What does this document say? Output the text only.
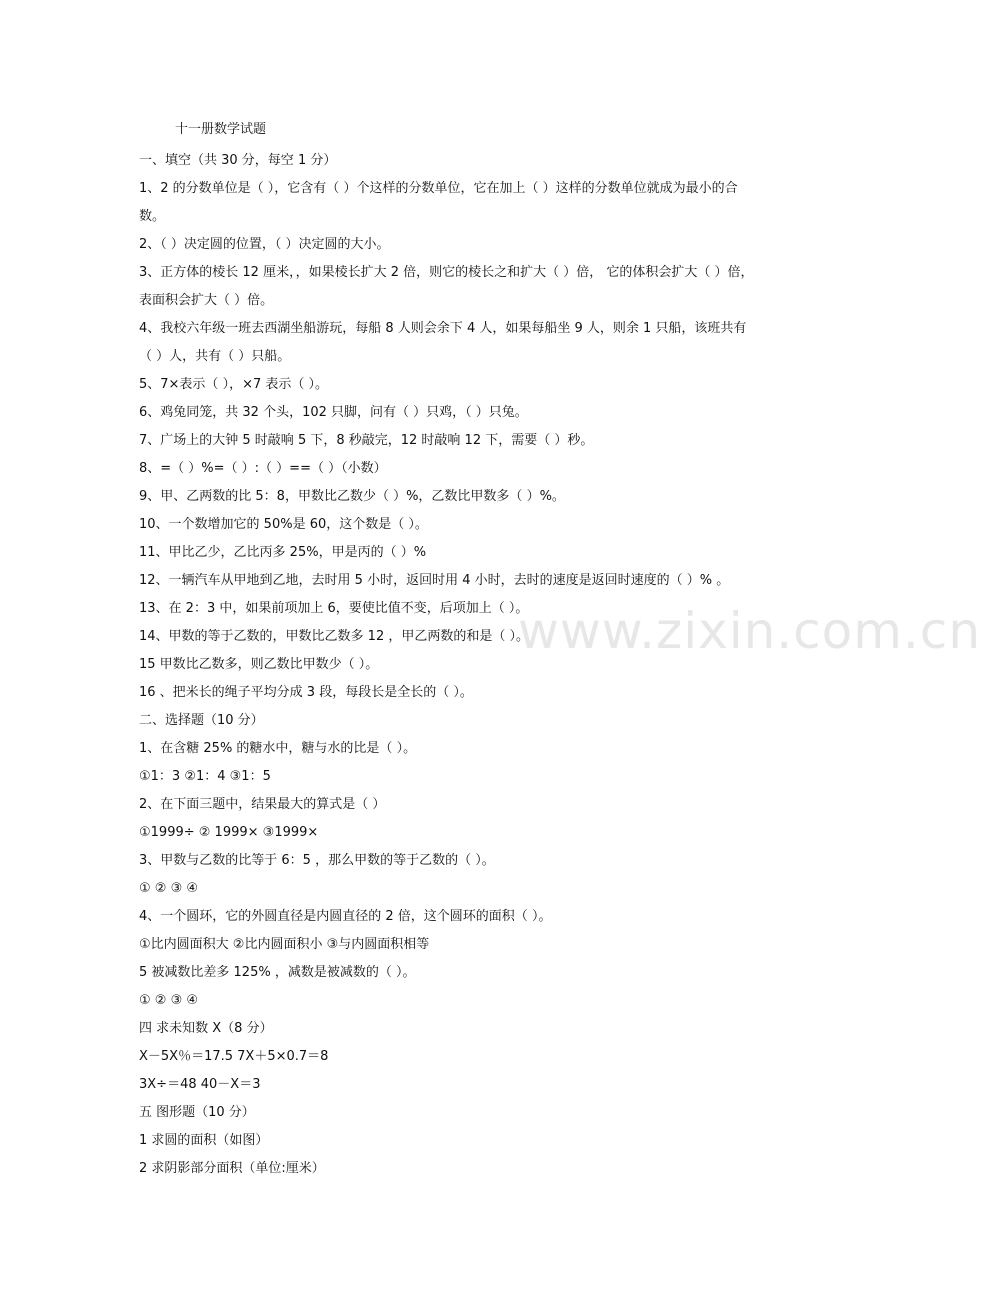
十一册数学试题
一、填空（共 30 分，每空 1 分）
1、2 的分数单位是（ ），它含有（ ）个这样的分数单位，它在加上（ ）这样的分数单位就成为最小的合
数。
2、（ ）决定圆的位置，（ ）决定圆的大小。
3、正方体的棱长 12 厘米，，如果棱长扩大 2 倍，则它的棱长之和扩大（ ）倍， 它的体积会扩大（ ）倍，
表面积会扩大（ ）倍。
4、我校六年级一班去西湖坐船游玩，每船 8 人则会余下 4 人，如果每船坐 9 人，则余 1 只船，该班共有
（ ）人，共有（ ）只船。
5、7×表示（ ），×7 表示（ ）。
6、鸡兔同笼，共 32 个头，102 只脚，问有（ ）只鸡，（ ）只兔。
7、广场上的大钟 5 时敲响 5 下，8 秒敲完，12 时敲响 12 下，需要（ ）秒。
8、=（ ）%=（ ）:（ ）==（ ）（小数）
9、甲、乙两数的比 5：8，甲数比乙数少（ ）%，乙数比甲数多（ ）%。
10、一个数增加它的 50%是 60，这个数是（ ）。
11、甲比乙少，乙比丙多 25%，甲是丙的（ ）%
12、一辆汽车从甲地到乙地，去时用 5 小时，返回时用 4 小时，去时的速度是返回时速度的（ ）% 。
13、在 2：3 中，如果前项加上 6，要使比值不变，后项加上（ ）。
14、甲数的等于乙数的，甲数比乙数多 12 ，甲乙两数的和是（ ）。
15 甲数比乙数多，则乙数比甲数少（ ）。
16 、把米长的绳子平均分成 3 段，每段长是全长的（ ）。
二、选择题（10 分）
1、在含糖 25% 的糖水中，糖与水的比是（ ）。
①1：3 ②1：4 ③1：5
2、在下面三题中，结果最大的算式是（ ）
①1999÷ ② 1999× ③1999×
3、甲数与乙数的比等于 6：5 ，那么甲数的等于乙数的（ ）。
① ② ③ ④
4、一个圆环，它的外圆直径是内圆直径的 2 倍，这个圆环的面积（ ）。
①比内圆面积大 ②比内圆面积小 ③与内圆面积相等
5 被减数比差多 125% ，减数是被减数的（ ）。
① ② ③ ④
四 求未知数 X（8 分）
X－5X％＝17.5 7X＋5×0.7＝8
3X÷＝48 40－X＝3
五 图形题（10 分）
1 求圆的面积（如图）
2 求阴影部分面积（单位:厘米）
www.zixin.com.cn
